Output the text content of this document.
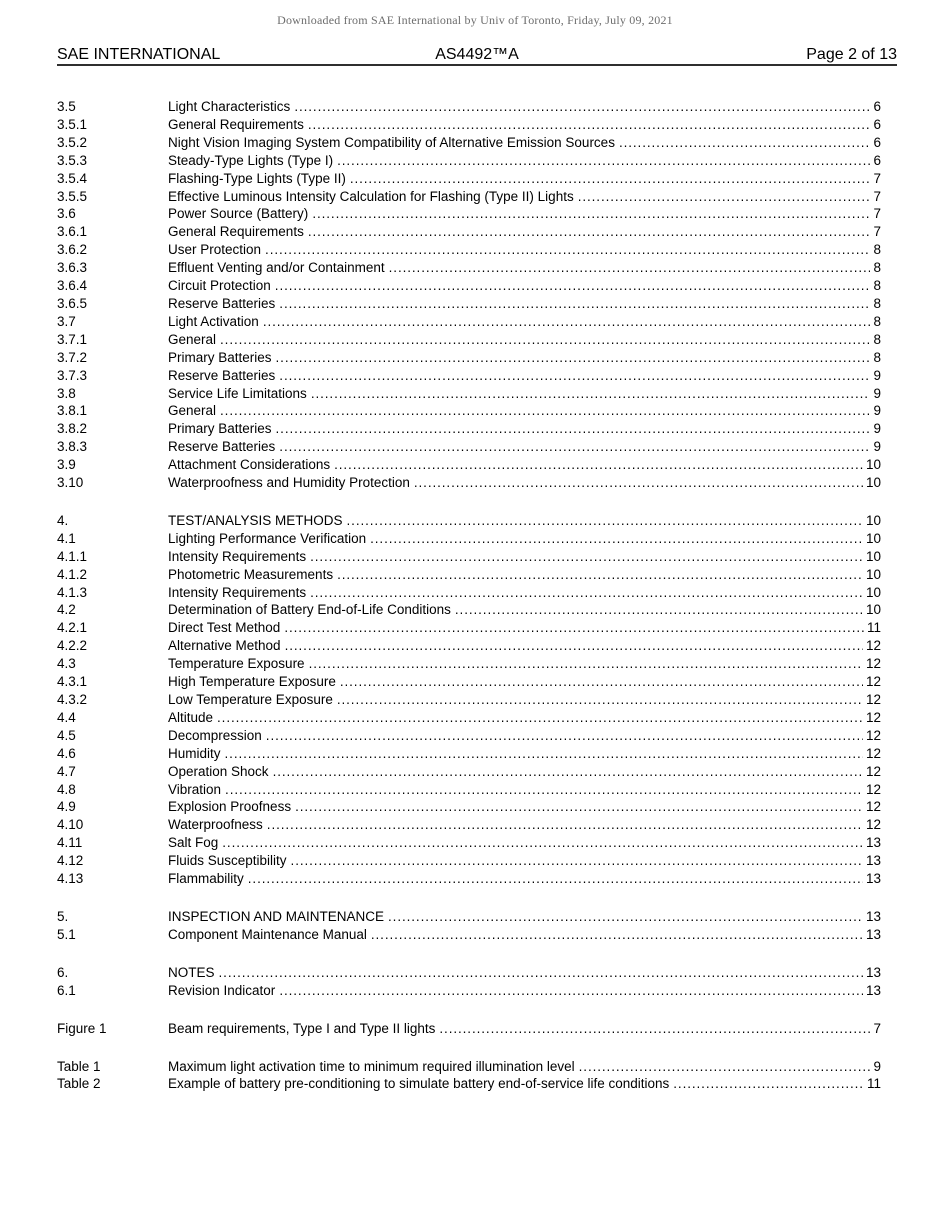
Downloaded from SAE International by Univ of Toronto, Friday, July 09, 2021
SAE INTERNATIONAL	AS4492™A	Page 2 of 13
3.5	Light Characteristics .....	6
3.5.1	General Requirements .....	6
3.5.2	Night Vision Imaging System Compatibility of Alternative Emission Sources .....	6
3.5.3	Steady-Type Lights (Type I) .....	6
3.5.4	Flashing-Type Lights (Type II) .....	7
3.5.5	Effective Luminous Intensity Calculation for Flashing (Type II) Lights .....	7
3.6	Power Source (Battery) .....	7
3.6.1	General Requirements .....	7
3.6.2	User Protection .....	8
3.6.3	Effluent Venting and/or Containment .....	8
3.6.4	Circuit Protection .....	8
3.6.5	Reserve Batteries .....	8
3.7	Light Activation .....	8
3.7.1	General .....	8
3.7.2	Primary Batteries .....	8
3.7.3	Reserve Batteries .....	9
3.8	Service Life Limitations .....	9
3.8.1	General .....	9
3.8.2	Primary Batteries .....	9
3.8.3	Reserve Batteries .....	9
3.9	Attachment Considerations .....	10
3.10	Waterproofness and Humidity Protection .....	10
4.	TEST/ANALYSIS METHODS .....	10
4.1	Lighting Performance Verification .....	10
4.1.1	Intensity Requirements .....	10
4.1.2	Photometric Measurements .....	10
4.1.3	Intensity Requirements .....	10
4.2	Determination of Battery End-of-Life Conditions .....	10
4.2.1	Direct Test Method .....	11
4.2.2	Alternative Method .....	12
4.3	Temperature Exposure .....	12
4.3.1	High Temperature Exposure .....	12
4.3.2	Low Temperature Exposure .....	12
4.4	Altitude .....	12
4.5	Decompression .....	12
4.6	Humidity .....	12
4.7	Operation Shock .....	12
4.8	Vibration .....	12
4.9	Explosion Proofness .....	12
4.10	Waterproofness .....	12
4.11	Salt Fog .....	13
4.12	Fluids Susceptibility .....	13
4.13	Flammability .....	13
5.	INSPECTION AND MAINTENANCE .....	13
5.1	Component Maintenance Manual .....	13
6.	NOTES .....	13
6.1	Revision Indicator .....	13
Figure 1	Beam requirements, Type I and Type II lights .....	7
Table 1	Maximum light activation time to minimum required illumination level .....	9
Table 2	Example of battery pre-conditioning to simulate battery end-of-service life conditions .....	11
